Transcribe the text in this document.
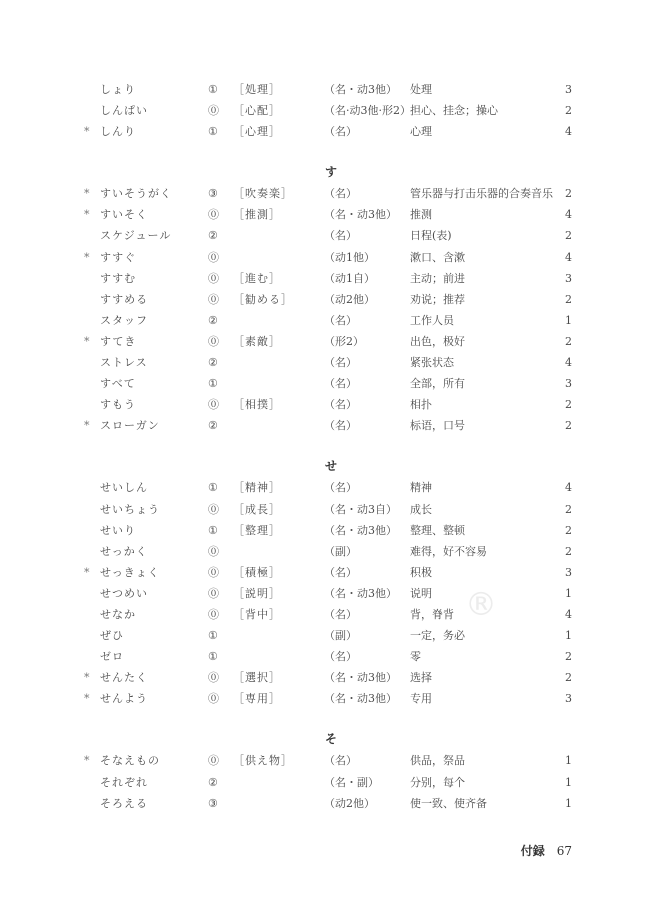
®
しょり	① ［処理］	（名・动3他） 处理	3
しんぱい	⓪ ［心配］	（名·动3他·形2） 担心、挂念；操心	2
* しんり	① ［心理］	（名）	心理	4
す
* すいそうがく	③ ［吹奏楽］	（名）	管乐器与打击乐器的合奏音乐 2
* すいそく	⓪ ［推測］	（名・动3他） 推测	4
スケジュール	②	（名）	日程(表)	2
* すすぐ	⓪	（动1他）	漱口、含漱	4
すすむ	⓪ ［進む］	（动1自）	主动；前进	3
すすめる	⓪ ［勧める］	（动2他）	劝说；推荐	2
スタッフ	②	（名）	工作人员	1
* すてき	⓪ ［素敵］	（形2）	出色，极好	2
ストレス	②	（名）	紧张状态	4
すべて	①	（名）	全部，所有	3
すもう	⓪ ［相撲］	（名）	相扑	2
* スローガン	②	（名）	标语，口号	2
せ
せいしん	① ［精神］	（名）	精神	4
せいちょう	⓪ ［成長］	（名・动3自） 成长	2
せいり	① ［整理］	（名・动3他） 整理、整顿	2
せっかく	⓪	（副）	难得，好不容易	2
* せっきょく	⓪ ［積極］	（名）	积极	3
せつめい	⓪ ［説明］	（名・动3他） 说明	1
せなか	⓪ ［背中］	（名）	背，脊背	4
ぜひ	①	（副）	一定，务必	1
ゼロ	①	（名）	零	2
* せんたく	⓪ ［選択］	（名・动3他） 选择	2
* せんよう	⓪ ［専用］	（名・动3他） 专用	3
そ
* そなえもの	⓪ ［供え物］	（名）	供品，祭品	1
それぞれ	②	（名・副）	分别，每个	1
そろえる	③	（动2他）	使一致、使齐备	1
付録 67
